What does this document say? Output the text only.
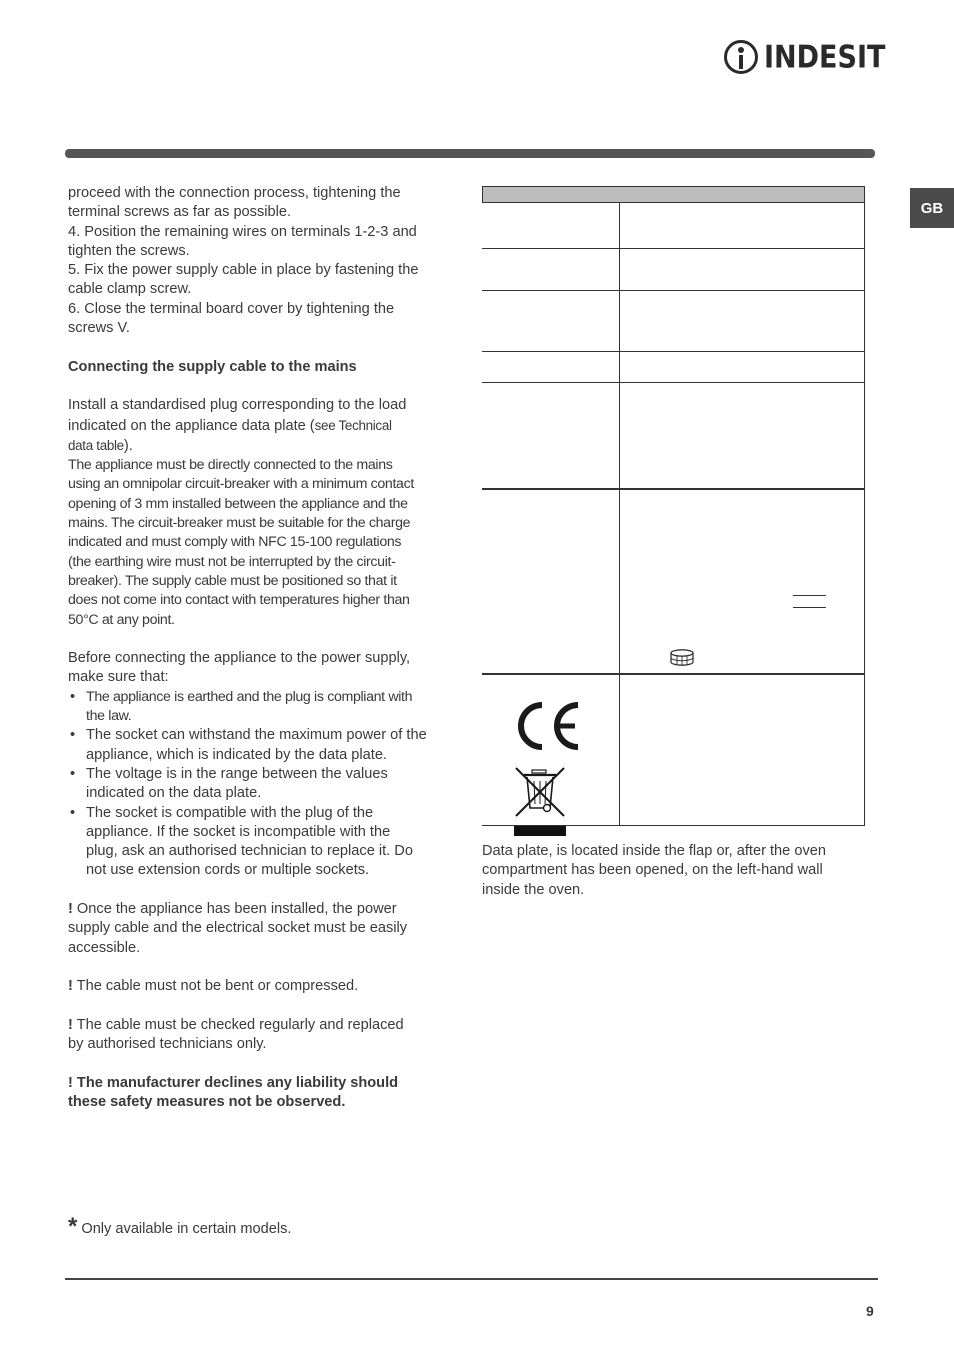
INDESIT
GB

proceed with the connection process, tightening the

terminal screws as far as possible.

4. Position the remaining wires on terminals 1-2-3 and

tighten the screws.

5. Fix the power supply cable in place by fastening the

cable clamp screw.

6. Close the terminal board cover by tightening the

screws V.

Connecting the supply cable to the mains

Install a standardised plug corresponding to the load

indicated on the appliance data plate (see Technical

data table).

The appliance must be directly connected to the mains

using an omnipolar circuit-breaker with a minimum contact

opening of 3 mm installed between the appliance and the

mains. The circuit-breaker must be suitable for the charge

indicated and must comply with NFC 15-100 regulations

(the earthing wire must not be interrupted by the circuit-

breaker). The supply cable must be positioned so that it

does not come into contact with temperatures higher than

50°C at any point.

Before connecting the appliance to the power supply,

make sure that:

• The appliance is earthed and the plug is compliant with
the law.
• The socket can withstand the maximum power of the
appliance, which is indicated by the data plate.
• The voltage is in the range between the values
indicated on the data plate.
• The socket is compatible with the plug of the
appliance. If the socket is incompatible with the
plug, ask an authorised technician to replace it. Do
not use extension cords or multiple sockets.

! Once the appliance has been installed, the power

supply cable and the electrical socket must be easily

accessible.

! The cable must not be bent or compressed.

! The cable must be checked regularly and replaced

by authorised technicians only.

! The manufacturer declines any liability should

these safety measures not be observed.

Data plate, is located inside the flap or, after the oven
compartment has been opened, on the left-hand wall
inside the oven.
* Only available in certain models.
9
